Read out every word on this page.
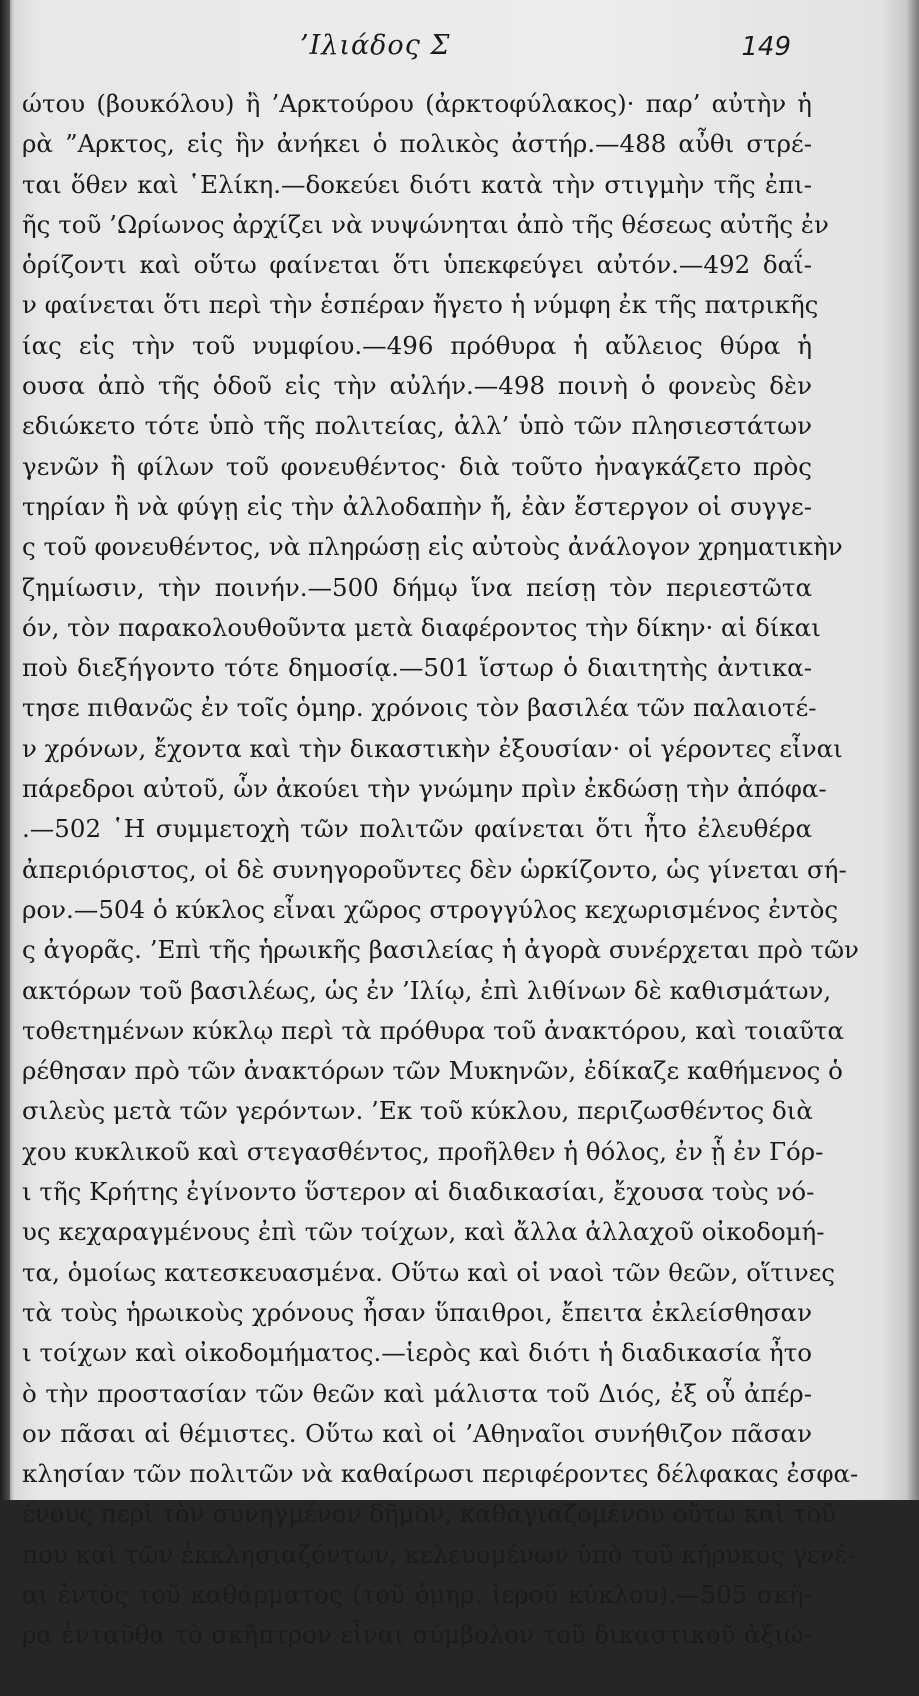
’Ιλιάδος Σ	149
ώτου (βουκόλου) ἢ ’Αρκτούρου (ἀρκτοφύλακος)· παρ’ αὐτὴν ἡ
ρὰ ”Αρκτος, εἰς ἣν ἀνήκει ὁ πολικὸς ἀστήρ.—488 αὖθι στρέ-
ται ὅθεν καὶ ῾Ελίκη.—δοκεύει διότι κατὰ τὴν στιγμὴν τῆς ἐπι-
ῆς τοῦ ’Ωρίωνος ἀρχίζει νὰ νυψώνηται ἀπὸ τῆς θέσεως αὐτῆς ἐν
ὁρίζοντι καὶ οὕτω φαίνεται ὅτι ὑπεκφεύγει αὐτόν.—492 δαΐ-
ν φαίνεται ὅτι περὶ τὴν ἑσπέραν ἤγετο ἡ νύμφη ἐκ τῆς πατρικῆς
ίας εἰς τὴν τοῦ νυμφίου.—496 πρόθυρα ἡ αὔλειος θύρα ἡ
ουσα ἀπὸ τῆς ὁδοῦ εἰς τὴν αὐλήν.—498 ποινὴ ὁ φονεὺς δὲν
εδιώκετο τότε ὑπὸ τῆς πολιτείας, ἀλλ’ ὑπὸ τῶν πλησιεστάτων
γενῶν ἢ φίλων τοῦ φονευθέντος· διὰ τοῦτο ἠναγκάζετο πρὸς
τηρίαν ἢ νὰ φύγῃ εἰς τὴν ἀλλοδαπὴν ἤ, ἐὰν ἔστεργον οἱ συγγε-
ς τοῦ φονευθέντος, νὰ πληρώσῃ εἰς αὐτοὺς ἀνάλογον χρηματικὴν
ζημίωσιν, τὴν ποινήν.—500 δήμῳ ἵνα πείσῃ τὸν περιεστῶτα
όν, τὸν παρακολουθοῦντα μετὰ διαφέροντος τὴν δίκην· αἱ δίκαι
ποὺ διεξήγοντο τότε δημοσίᾳ.—501 ἵστωρ ὁ διαιτητὴς ἀντικα-
τησε πιθανῶς ἐν τοῖς ὁμηρ. χρόνοις τὸν βασιλέα τῶν παλαιοτέ-
ν χρόνων, ἔχοντα καὶ τὴν δικαστικὴν ἐξουσίαν· οἱ γέροντες εἶναι
πάρεδροι αὐτοῦ, ὧν ἀκούει τὴν γνώμην πρὶν ἐκδώσῃ τὴν ἀπόφα-
.—502 ῾Η συμμετοχὴ τῶν πολιτῶν φαίνεται ὅτι ἦτο ἐλευθέρα
ἀπεριόριστος, οἱ δὲ συνηγοροῦντες δὲν ὡρκίζοντο, ὡς γίνεται σή-
ρον.—504 ὁ κύκλος εἶναι χῶρος στρογγύλος κεχωρισμένος ἐντὸς
ς ἀγορᾶς. ’Επὶ τῆς ἡρωικῆς βασιλείας ἡ ἀγορὰ συνέρχεται πρὸ τῶν
ακτόρων τοῦ βασιλέως, ὡς ἐν ’Ιλίῳ, ἐπὶ λιθίνων δὲ καθισμάτων,
τοθετημένων κύκλῳ περὶ τὰ πρόθυρα τοῦ ἀνακτόρου, καὶ τοιαῦτα
ρέθησαν πρὸ τῶν ἀνακτόρων τῶν Μυκηνῶν, ἐδίκαζε καθήμενος ὁ
σιλεὺς μετὰ τῶν γερόντων. ’Εκ τοῦ κύκλου, περιζωσθέντος διὰ
χου κυκλικοῦ καὶ στεγασθέντος, προῆλθεν ἡ θόλος, ἐν ᾗ ἐν Γόρ-
ι τῆς Κρήτης ἐγίνοντο ὕστερον αἱ διαδικασίαι, ἔχουσα τοὺς νό-
υς κεχαραγμένους ἐπὶ τῶν τοίχων, καὶ ἄλλα ἀλλαχοῦ οἰκοδομή-
τα, ὁμοίως κατεσκευασμένα. Οὕτω καὶ οἱ ναοὶ τῶν θεῶν, οἵτινες
τὰ τοὺς ἡρωικοὺς χρόνους ἦσαν ὕπαιθροι, ἔπειτα ἐκλείσθησαν
ι τοίχων καὶ οἰκοδομήματος.—ἱερὸς καὶ διότι ἡ διαδικασία ἦτο
ὸ τὴν προστασίαν τῶν θεῶν καὶ μάλιστα τοῦ Διός, ἐξ οὗ ἀπέρ-
ον πᾶσαι αἱ θέμιστες. Οὕτω καὶ οἱ ’Αθηναῖοι συνήθιζον πᾶσαν
κλησίαν τῶν πολιτῶν νὰ καθαίρωσι περιφέροντες δέλφακας ἐσφα-
ένους περὶ τὸν συνηγμένον δῆμον, καθαγιαζομένου οὕτω καὶ τοῦ
που καὶ τῶν ἐκκλησιαζόντων, κελευομένων ὑπὸ τοῦ κήρυκος γενέ-
αι ἐντὸς τοῦ καθάρματος (τοῦ ὁμηρ. ἱεροῦ κύκλου).—505 σκῆ-
ρα ἐνταῦθα τὸ σκῆπτρον εἶναι σύμβολον τοῦ δικαστικοῦ ἀξιώ-
